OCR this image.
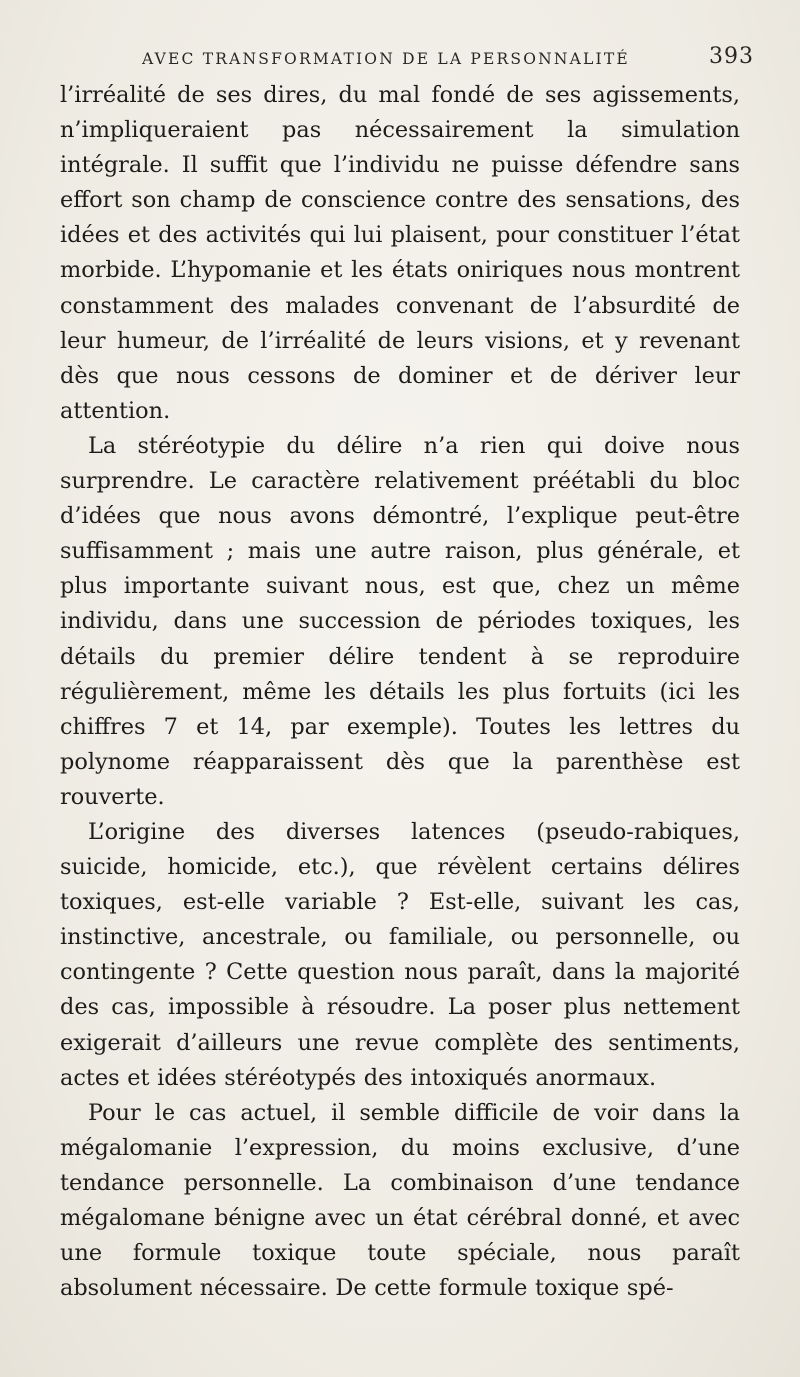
AVEC TRANSFORMATION DE LA PERSONNALITÉ	393

l’irréalité de ses dires, du mal fondé de ses agissements, n’impliqueraient pas nécessairement la simulation intégrale. Il suffit que l’individu ne puisse défendre sans effort son champ de conscience contre des sensations, des idées et des activités qui lui plaisent, pour constituer l’état morbide. L’hypomanie et les états oniriques nous montrent constamment des malades convenant de l’absurdité de leur humeur, de l’irréalité de leurs visions, et y revenant dès que nous cessons de dominer et de dériver leur attention.

La stéréotypie du délire n’a rien qui doive nous surprendre. Le caractère relativement préétabli du bloc d’idées que nous avons démontré, l’explique peut-être suffisamment ; mais une autre raison, plus générale, et plus importante suivant nous, est que, chez un même individu, dans une succession de périodes toxiques, les détails du premier délire tendent à se reproduire régulièrement, même les détails les plus fortuits (ici les chiffres 7 et 14, par exemple). Toutes les lettres du polynome réapparaissent dès que la parenthèse est rouverte.

L’origine des diverses latences (pseudo-rabiques, suicide, homicide, etc.), que révèlent certains délires toxiques, est-elle variable ? Est-elle, suivant les cas, instinctive, ancestrale, ou familiale, ou personnelle, ou contingente ? Cette question nous paraît, dans la majorité des cas, impossible à résoudre. La poser plus nettement exigerait d’ailleurs une revue complète des sentiments, actes et idées stéréotypés des intoxiqués anormaux.

Pour le cas actuel, il semble difficile de voir dans la mégalomanie l’expression, du moins exclusive, d’une tendance personnelle. La combinaison d’une tendance mégalomane bénigne avec un état cérébral donné, et avec une formule toxique toute spéciale, nous paraît absolument nécessaire. De cette formule toxique spé-
